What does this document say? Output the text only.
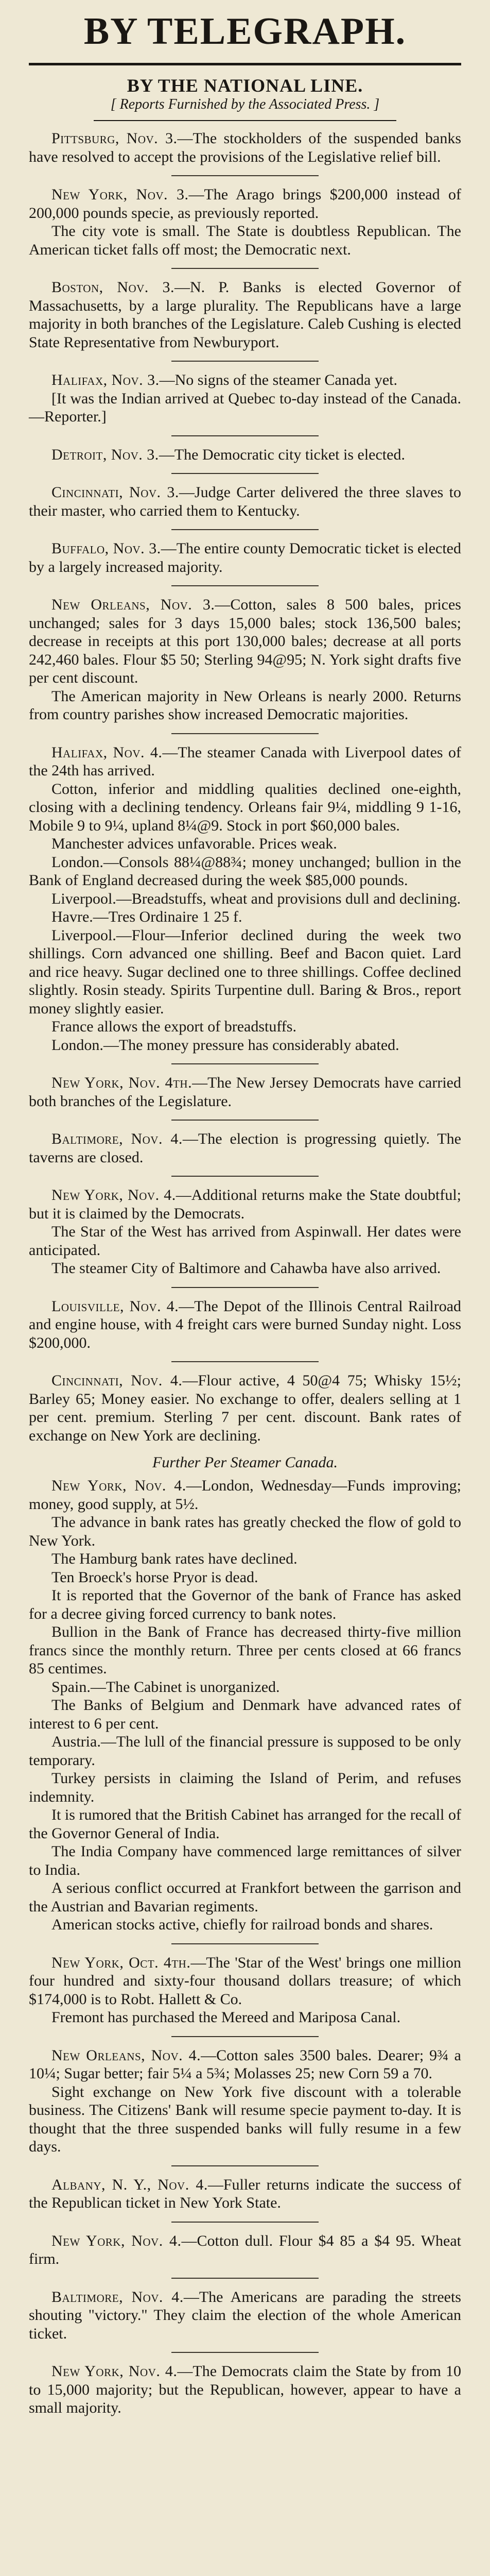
BY TELEGRAPH.
BY THE NATIONAL LINE.
[ Reports Furnished by the Associated Press. ]

Pittsburg, Nov. 3.—The stockholders of the suspended banks have resolved to accept the provisions of the Legislative relief bill.

New York, Nov. 3.—The Arago brings $200,000 instead of 200,000 pounds specie, as previously reported.

The city vote is small. The State is doubtless Republican. The American ticket falls off most; the Democratic next.

Boston, Nov. 3.—N. P. Banks is elected Governor of Massachusetts, by a large plurality. The Republicans have a large majority in both branches of the Legislature. Caleb Cushing is elected State Representative from Newburyport.

Halifax, Nov. 3.—No signs of the steamer Canada yet.

[It was the Indian arrived at Quebec to-day instead of the Canada.—Reporter.]

Detroit, Nov. 3.—The Democratic city ticket is elected.

Cincinnati, Nov. 3.—Judge Carter delivered the three slaves to their master, who carried them to Kentucky.

Buffalo, Nov. 3.—The entire county Democratic ticket is elected by a largely increased majority.

New Orleans, Nov. 3.—Cotton, sales 8 500 bales, prices unchanged; sales for 3 days 15,000 bales; stock 136,500 bales; decrease in receipts at this port 130,000 bales; decrease at all ports 242,460 bales. Flour $5 50; Sterling 94@95; N. York sight drafts five per cent discount.

The American majority in New Orleans is nearly 2000. Returns from country parishes show increased Democratic majorities.

Halifax, Nov. 4.—The steamer Canada with Liverpool dates of the 24th has arrived.

Cotton, inferior and middling qualities declined one-eighth, closing with a declining tendency. Orleans fair 9¼, middling 9 1-16, Mobile 9 to 9¼, upland 8¼@9. Stock in port $60,000 bales.

Manchester advices unfavorable. Prices weak.

London.—Consols 88¼@88¾; money unchanged; bullion in the Bank of England decreased during the week $85,000 pounds.

Liverpool.—Breadstuffs, wheat and provisions dull and declining.

Havre.—Tres Ordinaire 1 25 f.

Liverpool.—Flour—Inferior declined during the week two shillings. Corn advanced one shilling. Beef and Bacon quiet. Lard and rice heavy. Sugar declined one to three shillings. Coffee declined slightly. Rosin steady. Spirits Turpentine dull. Baring & Bros., report money slightly easier.

France allows the export of breadstuffs.

London.—The money pressure has considerably abated.

New York, Nov. 4th.—The New Jersey Democrats have carried both branches of the Legislature.

Baltimore, Nov. 4.—The election is progressing quietly. The taverns are closed.

New York, Nov. 4.—Additional returns make the State doubtful; but it is claimed by the Democrats.

The Star of the West has arrived from Aspinwall. Her dates were anticipated.

The steamer City of Baltimore and Cahawba have also arrived.

Louisville, Nov. 4.—The Depot of the Illinois Central Railroad and engine house, with 4 freight cars were burned Sunday night. Loss $200,000.

Cincinnati, Nov. 4.—Flour active, 4 50@4 75; Whisky 15½; Barley 65; Money easier. No exchange to offer, dealers selling at 1 per cent. premium. Sterling 7 per cent. discount. Bank rates of exchange on New York are declining.

Further Per Steamer Canada.

New York, Nov. 4.—London, Wednesday—Funds improving; money, good supply, at 5½.

The advance in bank rates has greatly checked the flow of gold to New York.

The Hamburg bank rates have declined.

Ten Broeck's horse Pryor is dead.

It is reported that the Governor of the bank of France has asked for a decree giving forced currency to bank notes.

Bullion in the Bank of France has decreased thirty-five million francs since the monthly return. Three per cents closed at 66 francs 85 centimes.

Spain.—The Cabinet is unorganized.

The Banks of Belgium and Denmark have advanced rates of interest to 6 per cent.

Austria.—The lull of the financial pressure is supposed to be only temporary.

Turkey persists in claiming the Island of Perim, and refuses indemnity.

It is rumored that the British Cabinet has arranged for the recall of the Governor General of India.

The India Company have commenced large remittances of silver to India.

A serious conflict occurred at Frankfort between the garrison and the Austrian and Bavarian regiments.

American stocks active, chiefly for railroad bonds and shares.

New York, Oct. 4th.—The 'Star of the West' brings one million four hundred and sixty-four thousand dollars treasure; of which $174,000 is to Robt. Hallett & Co.

Fremont has purchased the Mereed and Mariposa Canal.

New Orleans, Nov. 4.—Cotton sales 3500 bales. Dearer; 9¾ a 10¼; Sugar better; fair 5¼ a 5¾; Molasses 25; new Corn 59 a 70.

Sight exchange on New York five discount with a tolerable business. The Citizens' Bank will resume specie payment to-day. It is thought that the three suspended banks will fully resume in a few days.

Albany, N. Y., Nov. 4.—Fuller returns indicate the success of the Republican ticket in New York State.

New York, Nov. 4.—Cotton dull. Flour $4 85 a $4 95. Wheat firm.

Baltimore, Nov. 4.—The Americans are parading the streets shouting "victory." They claim the election of the whole American ticket.

New York, Nov. 4.—The Democrats claim the State by from 10 to 15,000 majority; but the Republican, however, appear to have a small majority.
